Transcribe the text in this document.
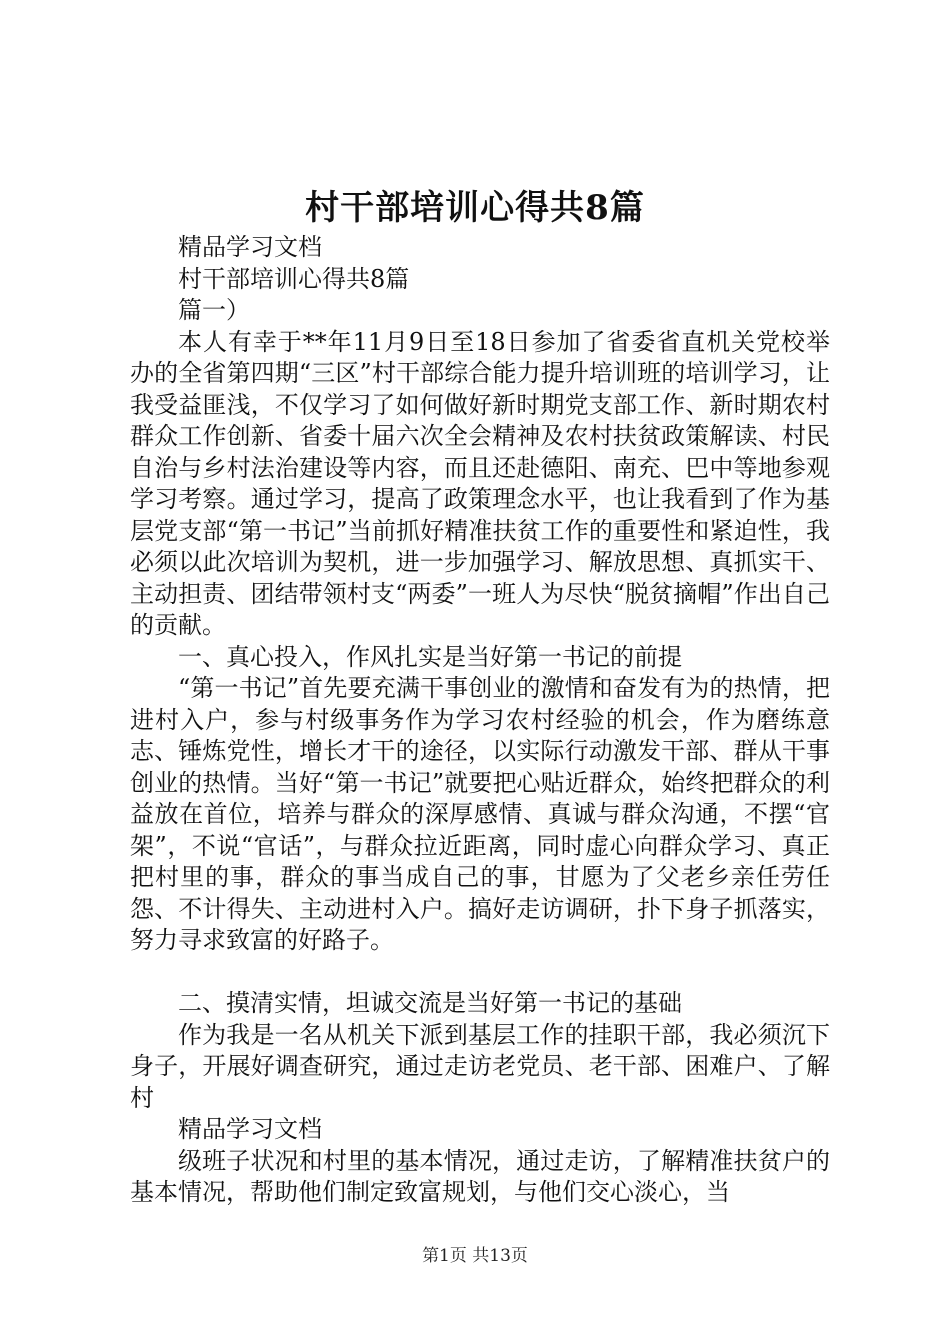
村干部培训心得共8篇

精品学习文档

村干部培训心得共8篇

篇一）

本人有幸于**年11月9日至18日参加了省委省直机关党校举办的全省第四期“三区”村干部综合能力提升培训班的培训学习，让我受益匪浅，不仅学习了如何做好新时期党支部工作、新时期农村群众工作创新、省委十届六次全会精神及农村扶贫政策解读、村民自治与乡村法治建设等内容，而且还赴德阳、南充、巴中等地参观学习考察。通过学习，提高了政策理念水平，也让我看到了作为基层党支部“第一书记”当前抓好精准扶贫工作的重要性和紧迫性，我必须以此次培训为契机，进一步加强学习、解放思想、真抓实干、主动担责、团结带领村支“两委”一班人为尽快“脱贫摘帽”作出自己的贡献。

一、真心投入，作风扎实是当好第一书记的前提

“第一书记”首先要充满干事创业的激情和奋发有为的热情，把进村入户，参与村级事务作为学习农村经验的机会，作为磨练意志、锤炼党性，增长才干的途径，以实际行动激发干部、群从干事创业的热情。当好“第一书记”就要把心贴近群众，始终把群众的利益放在首位，培养与群众的深厚感情、真诚与群众沟通，不摆“官架”，不说“官话”，与群众拉近距离，同时虚心向群众学习、真正把村里的事，群众的事当成自己的事，甘愿为了父老乡亲任劳任怨、不计得失、主动进村入户。搞好走访调研，扑下身子抓落实，努力寻求致富的好路子。

二、摸清实情，坦诚交流是当好第一书记的基础

作为我是一名从机关下派到基层工作的挂职干部，我必须沉下身子，开展好调查研究，通过走访老党员、老干部、困难户、了解村

精品学习文档

级班子状况和村里的基本情况，通过走访，了解精准扶贫户的基本情况，帮助他们制定致富规划，与他们交心淡心，当

第1页 共13页
